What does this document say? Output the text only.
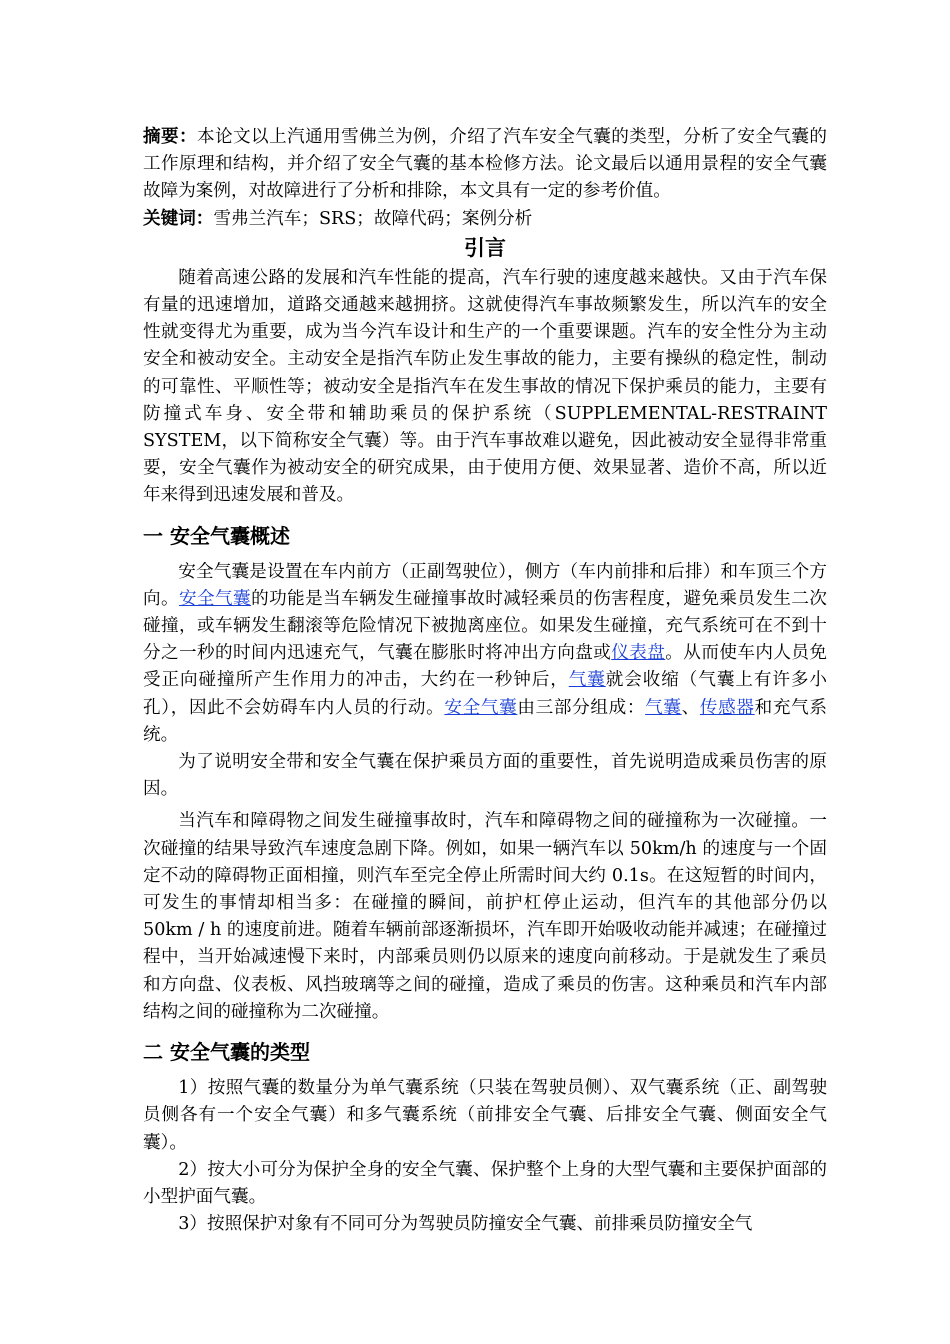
摘要：本论文以上汽通用雪佛兰为例，介绍了汽车安全气囊的类型，分析了安全气囊的工作原理和结构，并介绍了安全气囊的基本检修方法。论文最后以通用景程的安全气囊故障为案例，对故障进行了分析和排除，本文具有一定的参考价值。

关键词：雪弗兰汽车；SRS；故障代码；案例分析

引言

随着高速公路的发展和汽车性能的提高，汽车行驶的速度越来越快。又由于汽车保有量的迅速增加，道路交通越来越拥挤。这就使得汽车事故频繁发生，所以汽车的安全性就变得尤为重要，成为当今汽车设计和生产的一个重要课题。汽车的安全性分为主动安全和被动安全。主动安全是指汽车防止发生事故的能力，主要有操纵的稳定性，制动的可靠性、平顺性等；被动安全是指汽车在发生事故的情况下保护乘员的能力，主要有防撞式车身、安全带和辅助乘员的保护系统（SUPPLEMENTAL-RESTRAINT SYSTEM，以下简称安全气囊）等。由于汽车事故难以避免，因此被动安全显得非常重要，安全气囊作为被动安全的研究成果，由于使用方便、效果显著、造价不高，所以近年来得到迅速发展和普及。

一 安全气囊概述

安全气囊是设置在车内前方（正副驾驶位），侧方（车内前排和后排）和车顶三个方向。安全气囊的功能是当车辆发生碰撞事故时减轻乘员的伤害程度，避免乘员发生二次碰撞，或车辆发生翻滚等危险情况下被抛离座位。如果发生碰撞，充气系统可在不到十分之一秒的时间内迅速充气，气囊在膨胀时将冲出方向盘或仪表盘。从而使车内人员免受正向碰撞所产生作用力的冲击，大约在一秒钟后，气囊就会收缩（气囊上有许多小孔），因此不会妨碍车内人员的行动。安全气囊由三部分组成：气囊、传感器和充气系统。

为了说明安全带和安全气囊在保护乘员方面的重要性，首先说明造成乘员伤害的原因。

当汽车和障碍物之间发生碰撞事故时，汽车和障碍物之间的碰撞称为一次碰撞。一次碰撞的结果导致汽车速度急剧下降。例如，如果一辆汽车以 50km/h 的速度与一个固定不动的障碍物正面相撞，则汽车至完全停止所需时间大约 0.1s。在这短暂的时间内，可发生的事情却相当多：在碰撞的瞬间，前护杠停止运动，但汽车的其他部分仍以 50km / h 的速度前进。随着车辆前部逐渐损坏，汽车即开始吸收动能并减速；在碰撞过程中，当开始减速慢下来时，内部乘员则仍以原来的速度向前移动。于是就发生了乘员和方向盘、仪表板、风挡玻璃等之间的碰撞，造成了乘员的伤害。这种乘员和汽车内部结构之间的碰撞称为二次碰撞。

二 安全气囊的类型

1）按照气囊的数量分为单气囊系统（只装在驾驶员侧）、双气囊系统（正、副驾驶员侧各有一个安全气囊）和多气囊系统（前排安全气囊、后排安全气囊、侧面安全气囊）。

2）按大小可分为保护全身的安全气囊、保护整个上身的大型气囊和主要保护面部的小型护面气囊。

3）按照保护对象有不同可分为驾驶员防撞安全气囊、前排乘员防撞安全气
